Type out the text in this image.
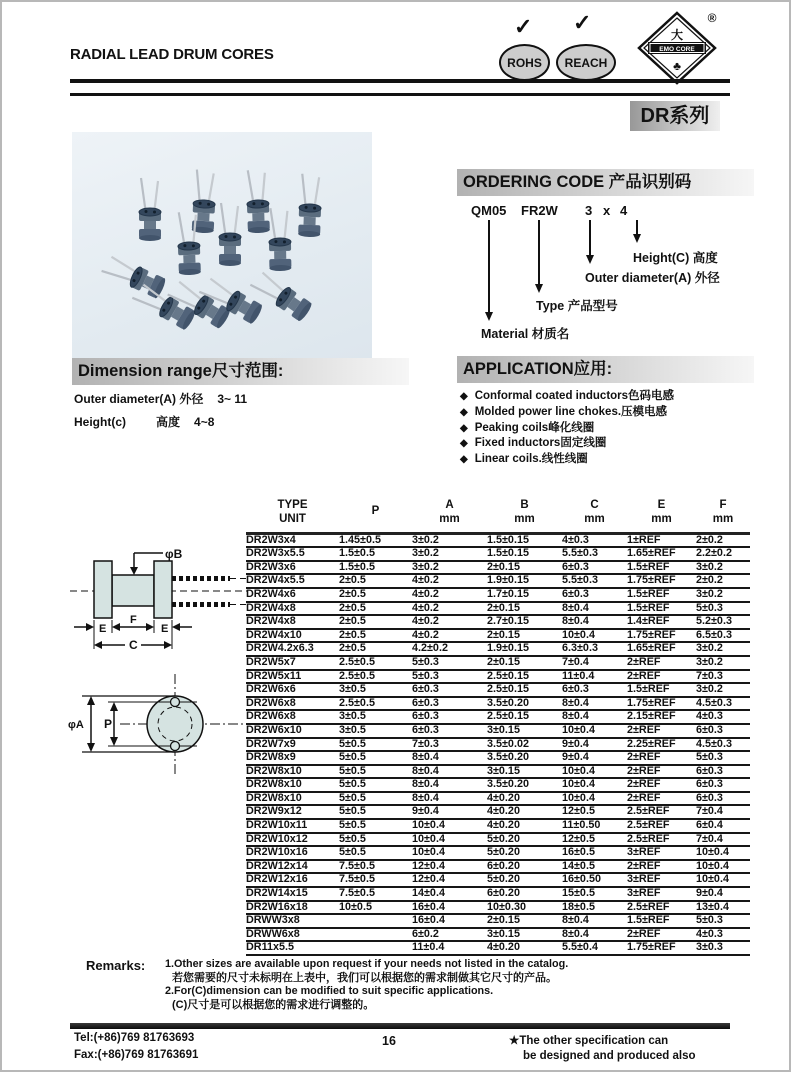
RADIAL LEAD DRUM CORES
✓ ✓
ROHS REACH
大
EMO CORE
♣
®
DR系列
ORDERING CODE 产品识别码
QM05 FR2W 3 x 4
Height(C) 高度
Outer diameter(A) 外径
Type 产品型号
Material 材质名
Dimension range尺寸范围:
Outer diameter(A) 外径 3~ 11
Height(c)	高度 4~8
APPLICATION应用:
◆ Conformal coated inductors色码电感
◆ Molded power line chokes.压模电感
◆ Peaking coils峰化线圈
◆ Fixed inductors固定线圈
◆ Linear coils.线性线圈
φB
E
F
E
C
φA P
TYPE
UNIT

P	A
mm

B
mm

C
mm

E
mm

F
mm

DR2W3x4	1.45±0.5	3±0.2	1.5±0.15	4±0.3	1±REF	2±0.2
DR2W3x5.5	1.5±0.5	3±0.2	1.5±0.15	5.5±0.3	1.65±REF	2.2±0.2
DR2W3x6	1.5±0.5	3±0.2	2±0.15	6±0.3	1.5±REF	3±0.2
DR2W4x5.5	2±0.5	4±0.2	1.9±0.15	5.5±0.3	1.75±REF	2±0.2
DR2W4x6	2±0.5	4±0.2	1.7±0.15	6±0.3	1.5±REF	3±0.2
DR2W4x8	2±0.5	4±0.2	2±0.15	8±0.4	1.5±REF	5±0.3
DR2W4x8	2±0.5	4±0.2	2.7±0.15	8±0.4	1.4±REF	5.2±0.3
DR2W4x10	2±0.5	4±0.2	2±0.15	10±0.4	1.75±REF	6.5±0.3
DR2W4.2x6.3	2±0.5	4.2±0.2	1.9±0.15	6.3±0.3	1.65±REF	3±0.2
DR2W5x7	2.5±0.5	5±0.3	2±0.15	7±0.4	2±REF	3±0.2
DR2W5x11	2.5±0.5	5±0.3	2.5±0.15	11±0.4	2±REF	7±0.3
DR2W6x6	3±0.5	6±0.3	2.5±0.15	6±0.3	1.5±REF	3±0.2
DR2W6x8	2.5±0.5	6±0.3	3.5±0.20	8±0.4	1.75±REF	4.5±0.3
DR2W6x8	3±0.5	6±0.3	2.5±0.15	8±0.4	2.15±REF	4±0.3
DR2W6x10	3±0.5	6±0.3	3±0.15	10±0.4	2±REF	6±0.3
DR2W7x9	5±0.5	7±0.3	3.5±0.02	9±0.4	2.25±REF	4.5±0.3
DR2W8x9	5±0.5	8±0.4	3.5±0.20	9±0.4	2±REF	5±0.3
DR2W8x10	5±0.5	8±0.4	3±0.15	10±0.4	2±REF	6±0.3
DR2W8x10	5±0.5	8±0.4	3.5±0.20	10±0.4	2±REF	6±0.3
DR2W8x10	5±0.5	8±0.4	4±0.20	10±0.4	2±REF	6±0.3
DR2W9x12	5±0.5	9±0.4	4±0.20	12±0.5	2.5±REF	7±0.4
DR2W10x11	5±0.5	10±0.4	4±0.20	11±0.50	2.5±REF	6±0.4
DR2W10x12	5±0.5	10±0.4	5±0.20	12±0.5	2.5±REF	7±0.4
DR2W10x16	5±0.5	10±0.4	5±0.20	16±0.5	3±REF	10±0.4
DR2W12x14	7.5±0.5	12±0.4	6±0.20	14±0.5	2±REF	10±0.4
DR2W12x16	7.5±0.5	12±0.4	5±0.20	16±0.50	3±REF	10±0.4
DR2W14x15	7.5±0.5	14±0.4	6±0.20	15±0.5	3±REF	9±0.4
DR2W16x18	10±0.5	16±0.4	10±0.30	18±0.5	2.5±REF	13±0.4
DRWW3x8		16±0.4	2±0.15	8±0.4	1.5±REF	5±0.3
DRWW6x8		6±0.2	3±0.15	8±0.4	2±REF	4±0.3
DR11x5.5		11±0.4	4±0.20	5.5±0.4	1.75±REF	3±0.3
Remarks: 1.Other sizes are available upon request if your needs not listed in the catalog.
若您需要的尺寸未标明在上表中，我们可以根据您的需求制做其它尺寸的产品。
2.For(C)dimension can be modified to suit specific applications.
(C)尺寸是可以根据您的需求进行调整的。
Tel:(+86)769 81763693
Fax:(+86)769 81763691
16	★The other specification can
be designed and produced also
